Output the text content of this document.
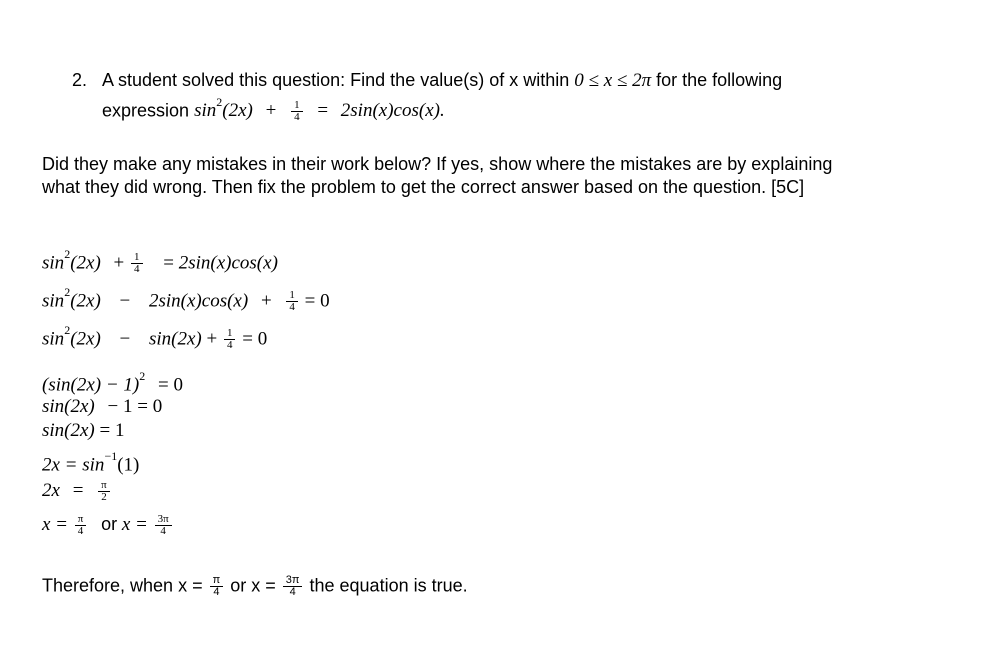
2. A student solved this question: Find the value(s) of x within 0 ≤ x ≤ 2π for the following
expression $\sin^2(2x) + \frac{1}{4} = 2\sin(x)\cos(x)$.
Did they make any mistakes in their work below? If yes, show where the mistakes are by explaining
what they did wrong. Then fix the problem to get the correct answer based on the question. [5C]
$\sin^2(2x) + \frac{1}{4} = 2\sin(x)\cos(x)$
$\sin^2(2x) - 2\sin(x)\cos(x) + \frac{1}{4} = 0$
$\sin^2(2x) - \sin(2x) + \frac{1}{4} = 0$
$(\sin(2x) - 1)^2 = 0$
sin(2x) − 1 = 0
sin(2x) = 1
$2x = \sin^{-1}(1)$
$2x = \frac{\pi}{2}$
$x = \frac{\pi}{4}$ or $x = \frac{3\pi}{4}$
Therefore, when $x = \frac{\pi}{4}$ or $x = \frac{3\pi}{4}$ the equation is true.
